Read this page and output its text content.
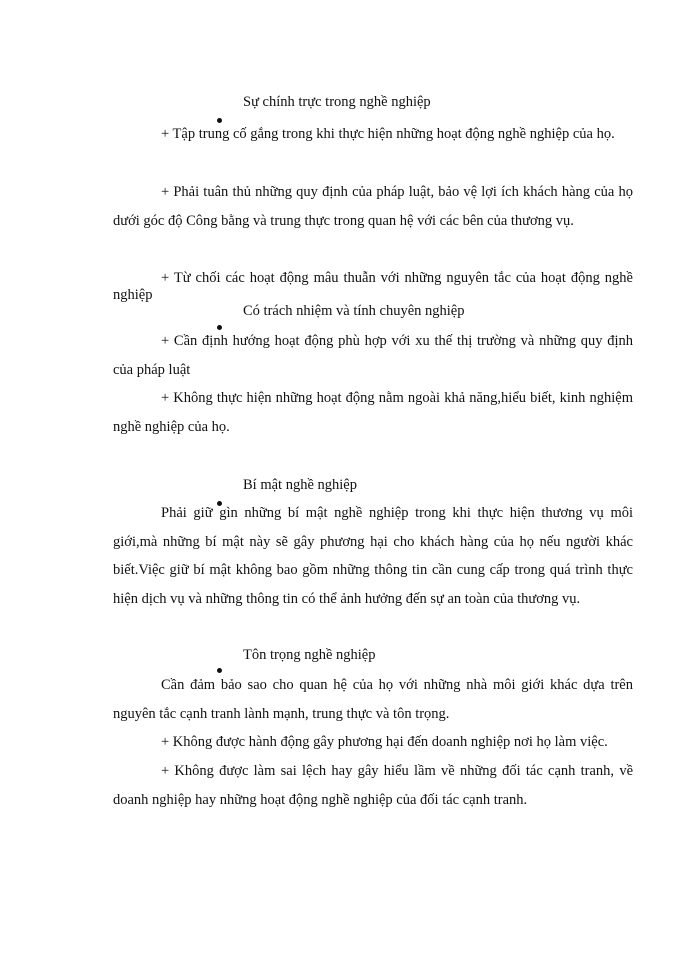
Sự chính trực trong nghề nghiệp

+ Tập trung cố gắng trong khi thực hiện những hoạt động nghề nghiệp của họ.

+ Phải tuân thủ những quy định của pháp luật, bảo vệ lợi ích khách hàng của họ dưới góc độ Công bằng và trung thực trong quan hệ với các bên của thương vụ.

+ Từ chối các hoạt động mâu thuẫn với những nguyên tắc của hoạt động nghề nghiệp

Có trách nhiệm và tính chuyên nghiệp

+ Cần định hướng hoạt động phù hợp với xu thế thị trường và những quy định của pháp luật

+ Không thực hiện những hoạt động nằm ngoài khả năng,hiểu biết, kinh nghiệm nghề nghiệp của họ.

Bí mật nghề nghiệp

Phải giữ gìn những bí mật nghề nghiệp trong khi thực hiện thương vụ môi giới,mà những bí mật này sẽ gây phương hại cho khách hàng của họ nếu người khác biết.Việc giữ bí mật không bao gồm những thông tin cần cung cấp trong quá trình thực hiện dịch vụ và những thông tin có thể ảnh hưởng đến sự an toàn của thương vụ.

Tôn trọng nghề nghiệp

Cần đảm bảo sao cho quan hệ của họ với những nhà môi giới khác dựa trên nguyên tắc cạnh tranh lành mạnh, trung thực và tôn trọng.

+ Không được hành động gây phương hại đến doanh nghiệp nơi họ làm việc.

+ Không được làm sai lệch hay gây hiểu lầm về những đối tác cạnh tranh, về doanh nghiệp hay những hoạt động nghề nghiệp của đối tác cạnh tranh.
